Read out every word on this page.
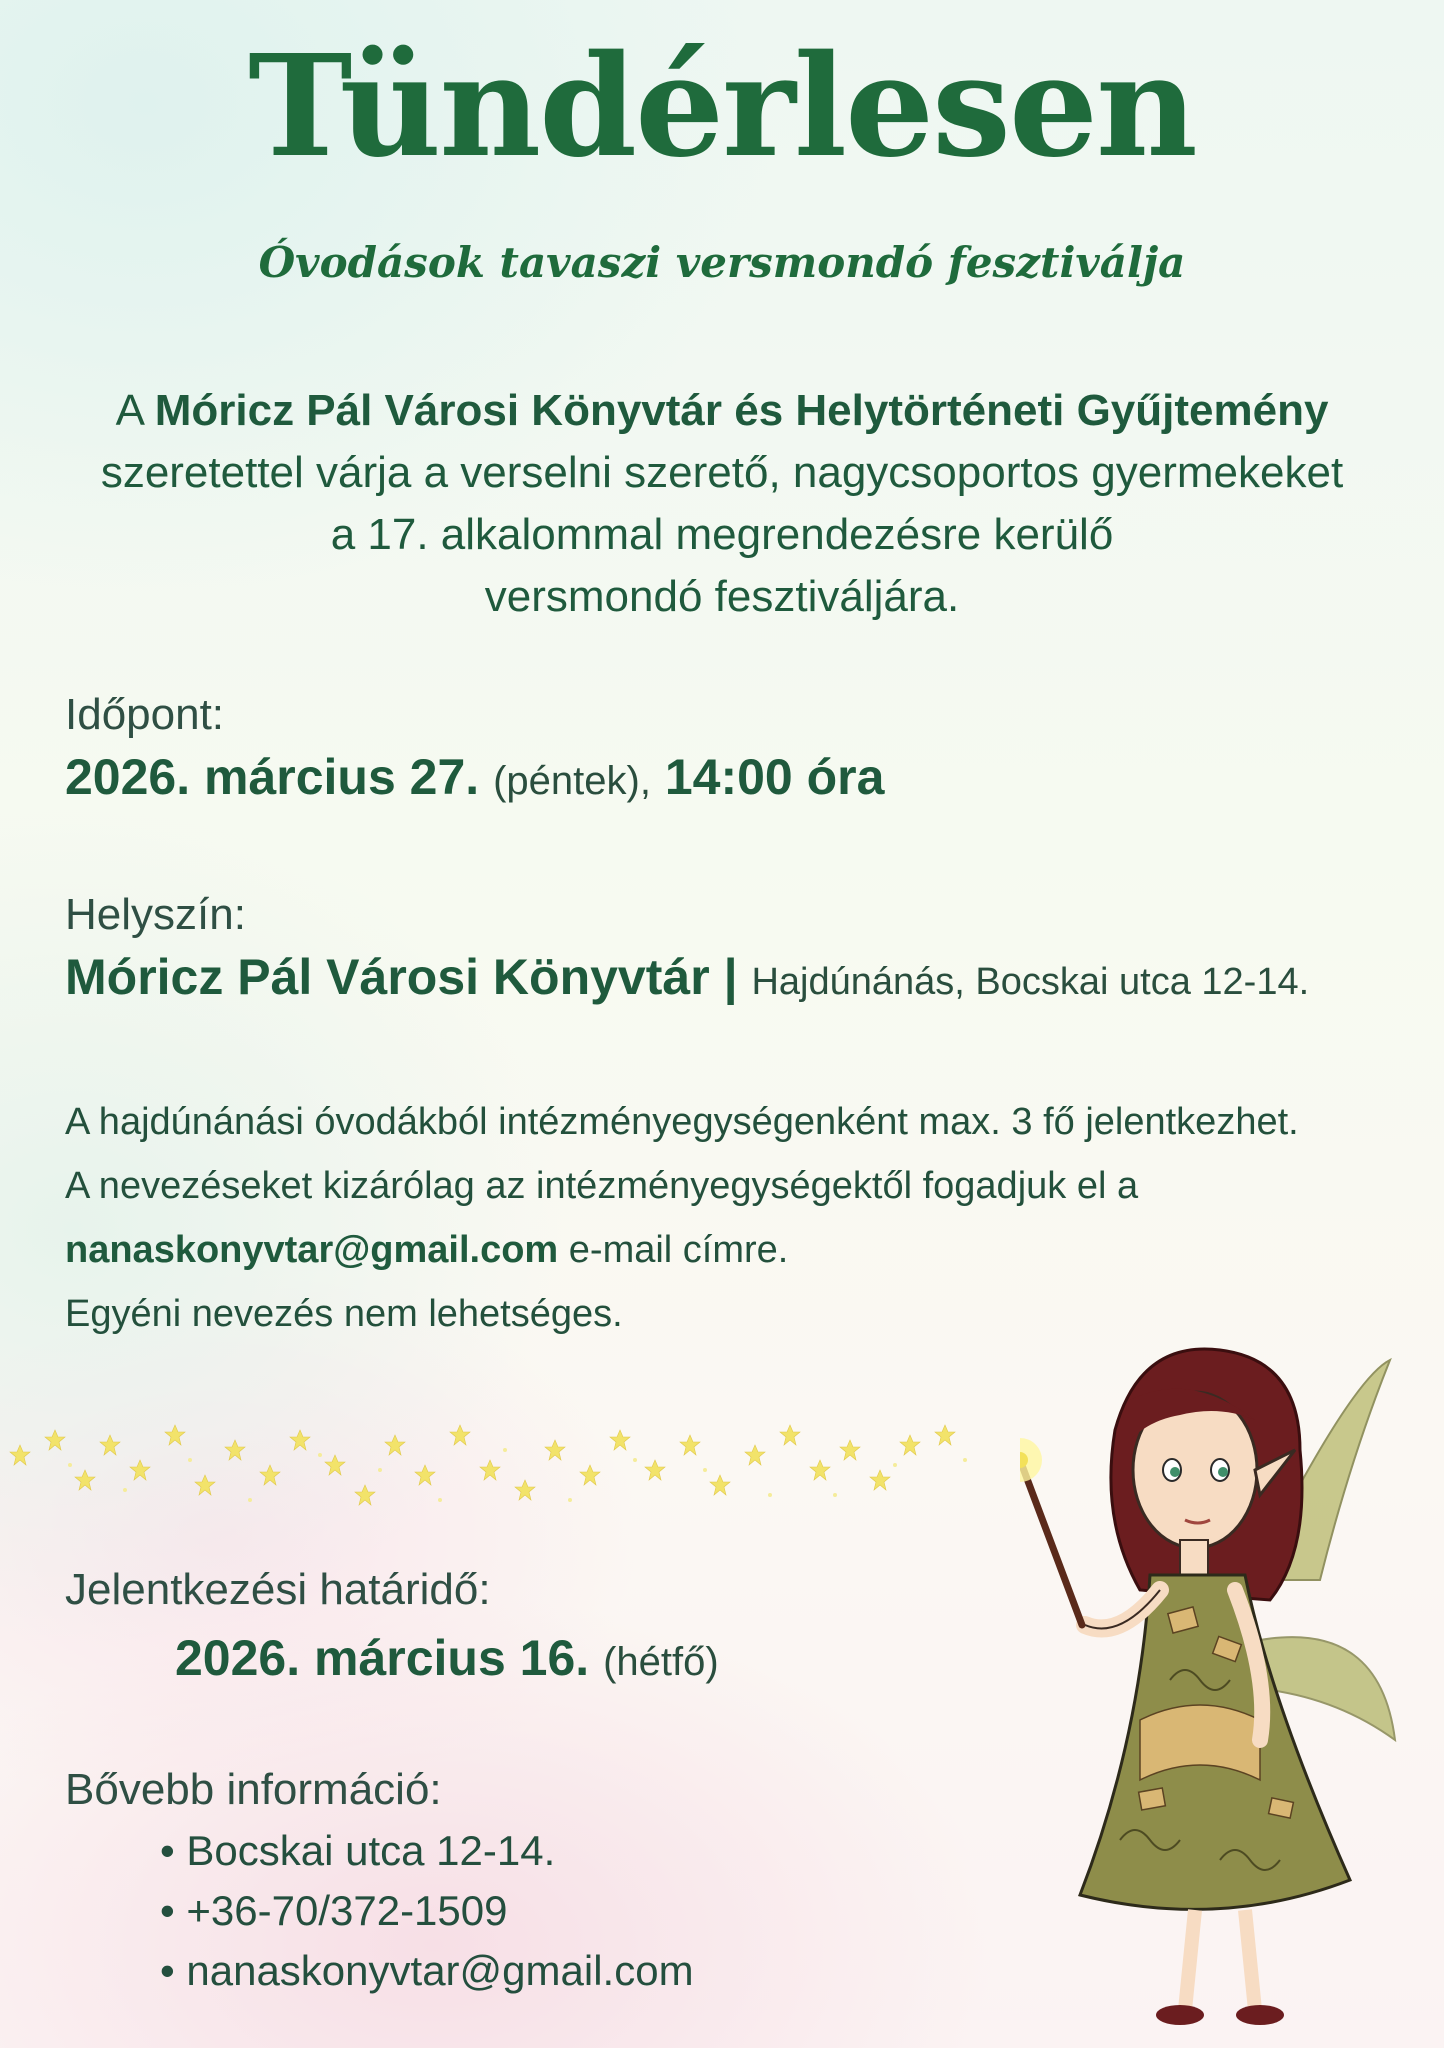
Tündérlesen
Óvodások tavaszi versmondó fesztiválja
A Móricz Pál Városi Könyvtár és Helytörténeti Gyűjtemény
szeretettel várja a verselni szerető, nagycsoportos gyermekeket
a 17. alkalommal megrendezésre kerülő
versmondó fesztiváljára.
Időpont:
2026. március 27. (péntek), 14:00 óra
Helyszín:
Móricz Pál Városi Könyvtár | Hajdúnánás, Bocskai utca 12-14.
A hajdúnánási óvodákból intézményegységenként max. 3 fő jelentkezhet.
A nevezéseket kizárólag az intézményegységektől fogadjuk el a
nanaskonyvtar@gmail.com e-mail címre.
Egyéni nevezés nem lehetséges.
Jelentkezési határidő:
2026. március 16. (hétfő)
Bővebb információ:
• Bocskai utca 12-14.
• +36-70/372-1509
• nanaskonyvtar@gmail.com
